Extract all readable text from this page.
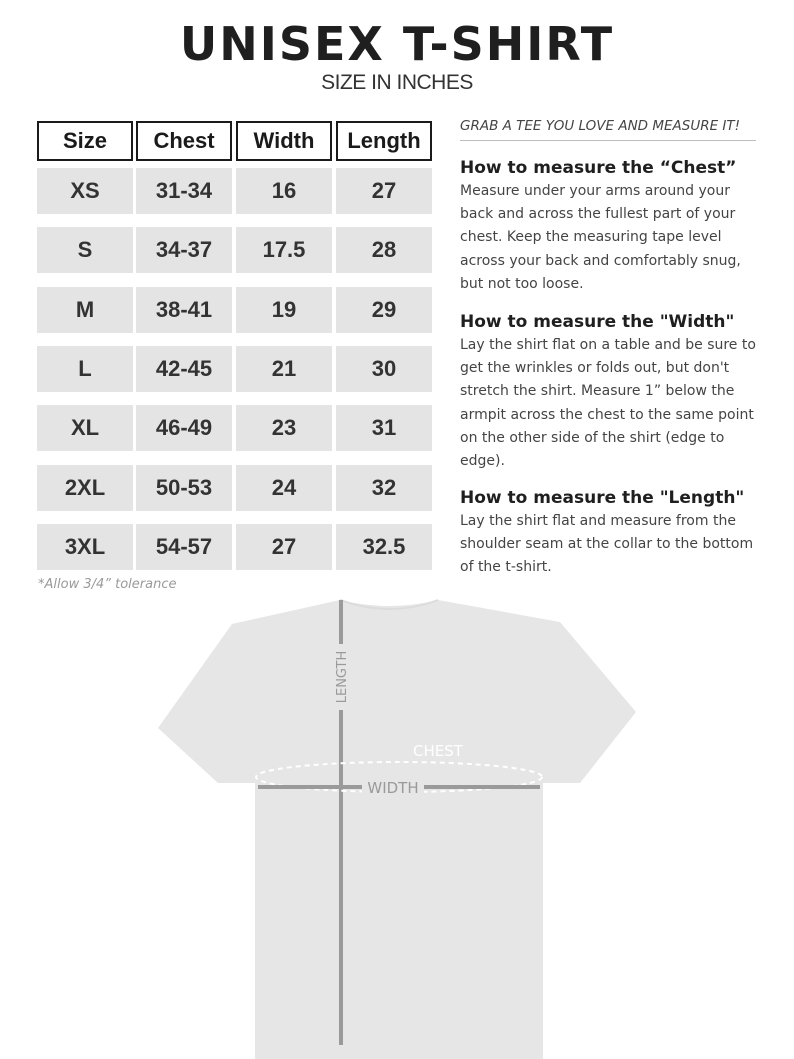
UNISEX T-SHIRT
SIZE IN INCHES
Size	Chest	Width	Length
XS	31-34	16	27
S	34-37	17.5	28
M	38-41	19	29
L	42-45	21	30
XL	46-49	23	31
2XL	50-53	24	32
3XL	54-57	27	32.5
*Allow 3/4” tolerance
GRAB A TEE YOU LOVE AND MEASURE IT!
How to measure the “Chest”
Measure under your arms around your back and across the fullest part of your chest. Keep the measuring tape level across your back and comfortably snug, but not too loose.
How to measure the "Width"
Lay the shirt flat on a table and be sure to get the wrinkles or folds out, but don't stretch the shirt. Measure 1” below the armpit across the chest to the same point on the other side of the shirt (edge to edge).
How to measure the "Length"
Lay the shirt flat and measure from the shoulder seam at the collar to the bottom of the t-shirt.
WIDTH
CHEST
LENGTH
